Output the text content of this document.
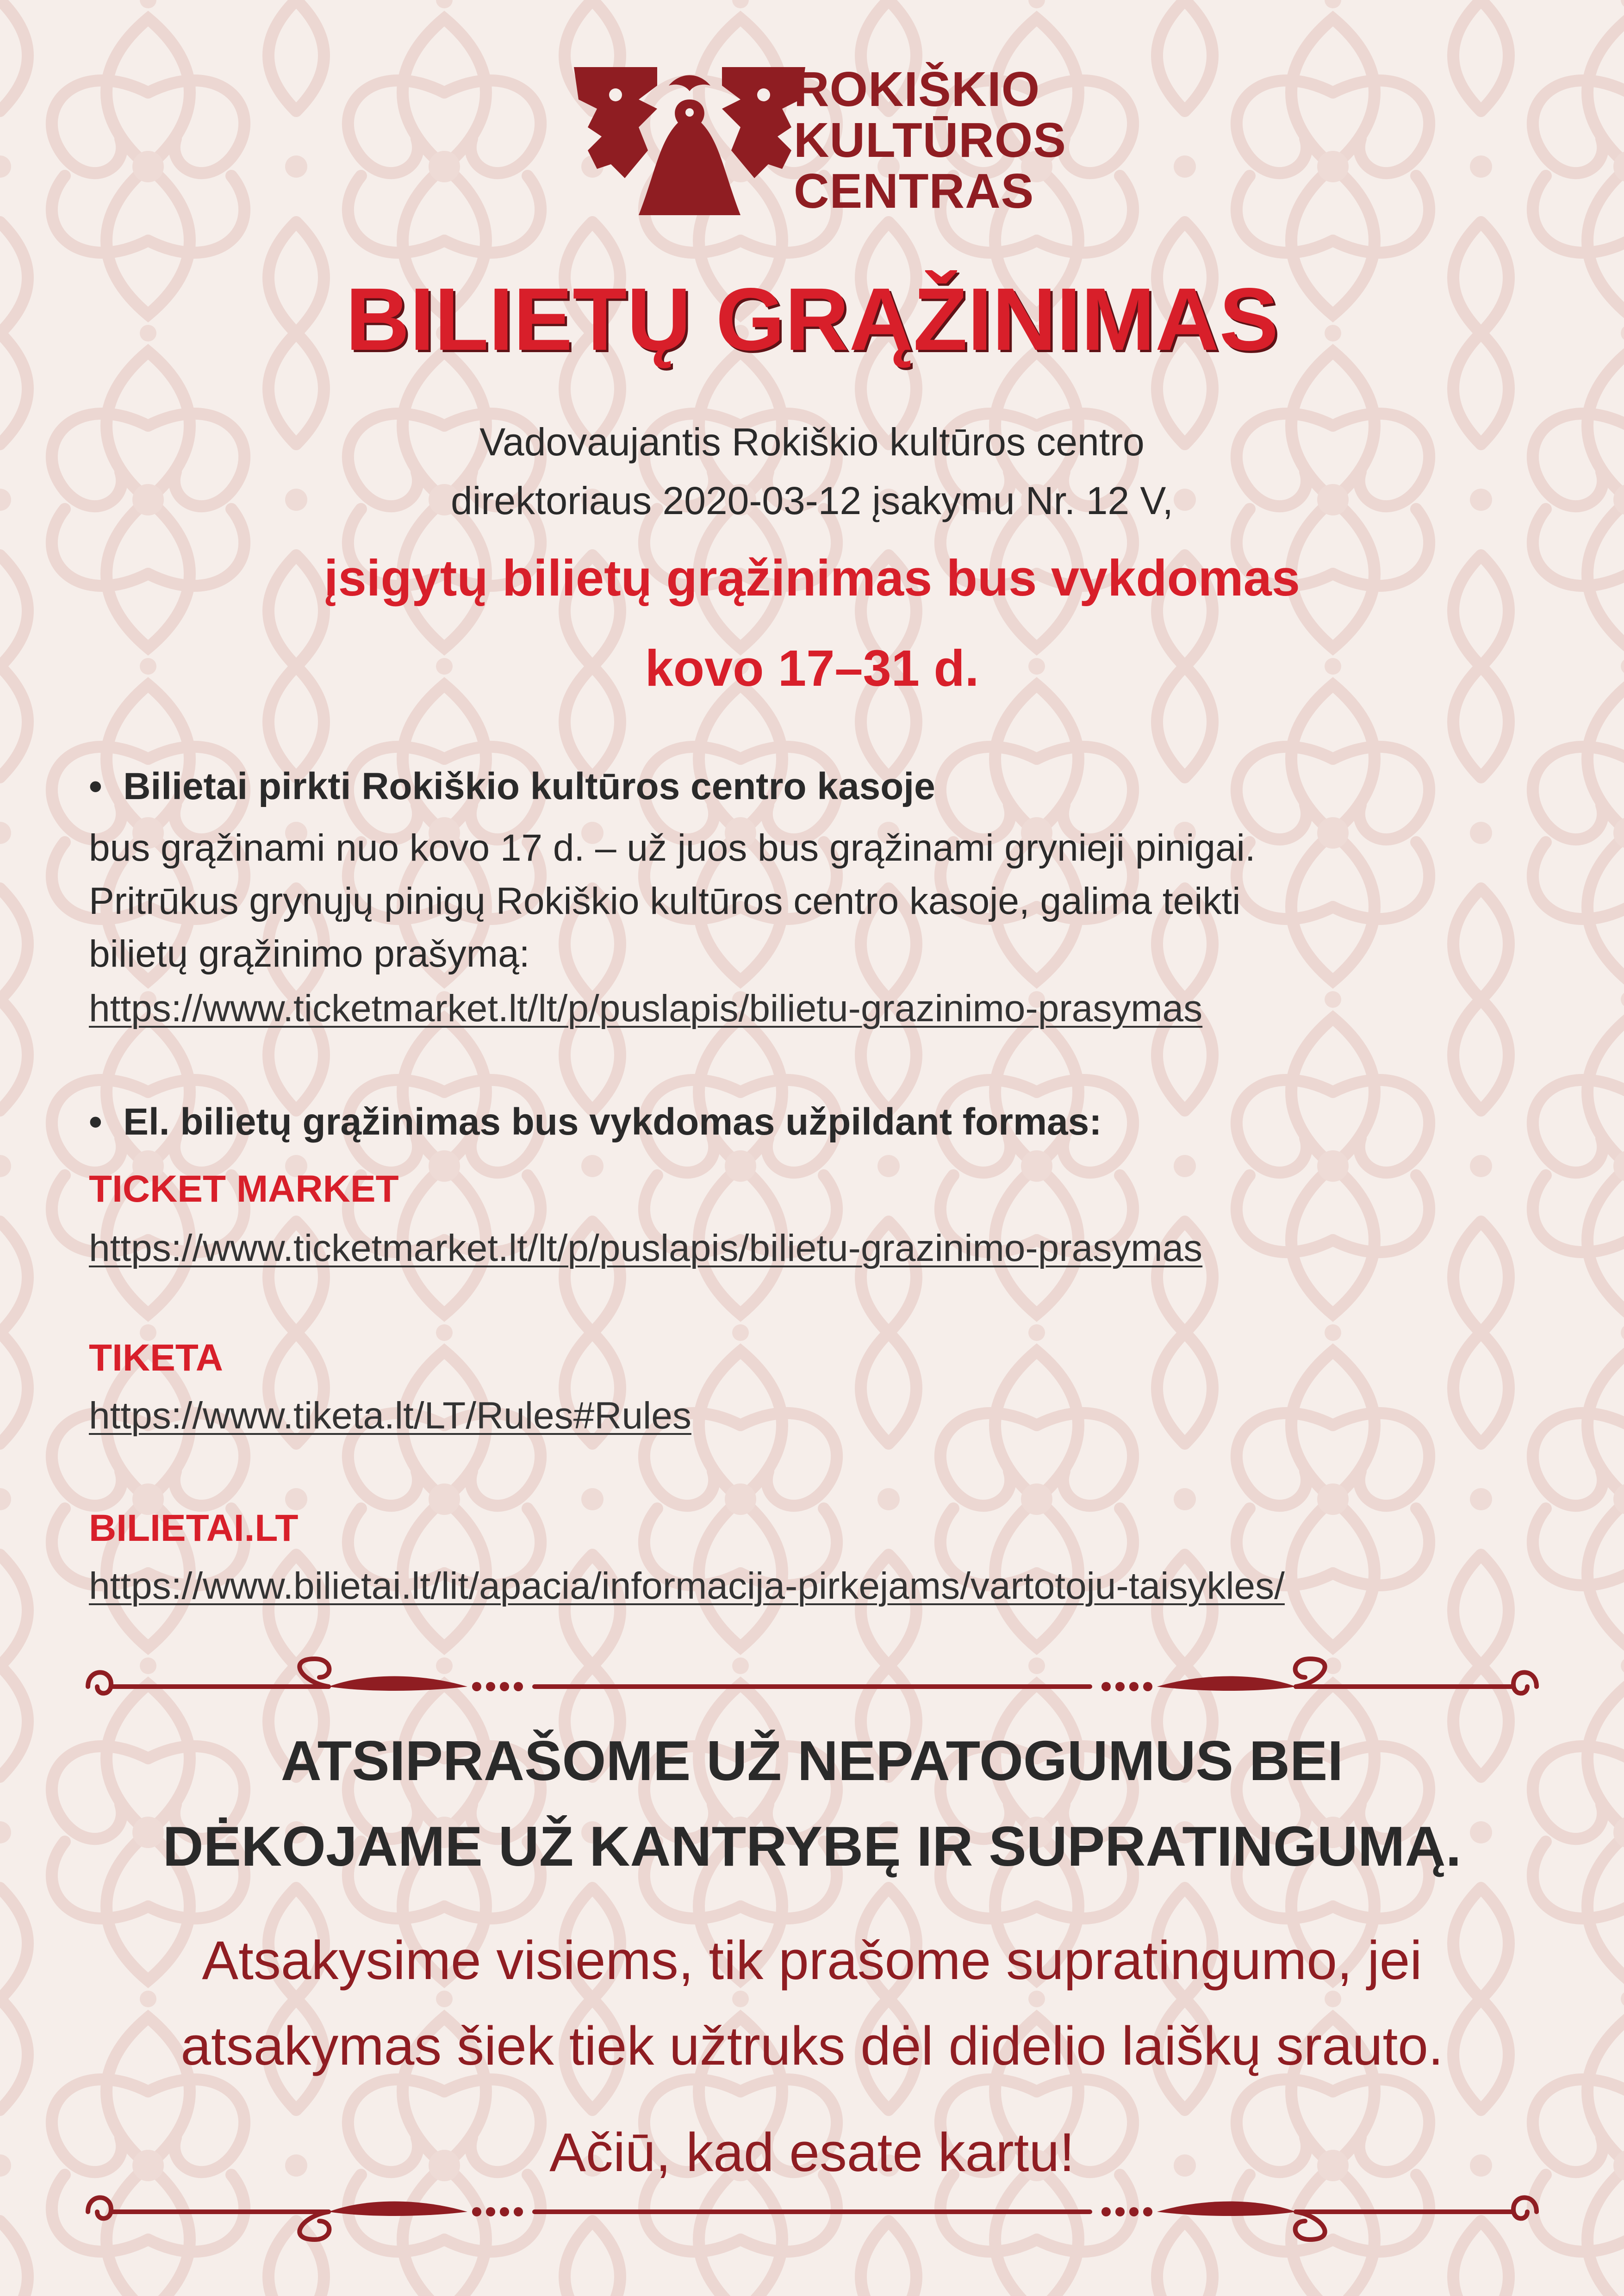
ROKIŠKIO
KULTŪROS
CENTRAS
BILIETŲ GRĄŽINIMAS
Vadovaujantis Rokiškio kultūros centro
direktoriaus 2020-03-12 įsakymu Nr. 12 V,
įsigytų bilietų grąžinimas bus vykdomas
kovo 17–31 d.
• Bilietai pirkti Rokiškio kultūros centro kasoje
bus grąžinami nuo kovo 17 d. – už juos bus grąžinami grynieji pinigai.
Pritrūkus grynųjų pinigų Rokiškio kultūros centro kasoje, galima teikti
bilietų grąžinimo prašymą:
https://www.ticketmarket.lt/lt/p/puslapis/bilietu-grazinimo-prasymas
• El. bilietų grąžinimas bus vykdomas užpildant formas:
TICKET MARKET
https://www.ticketmarket.lt/lt/p/puslapis/bilietu-grazinimo-prasymas
TIKETA
https://www.tiketa.lt/LT/Rules#Rules
BILIETAI.LT
https://www.bilietai.lt/lit/apacia/informacija-pirkejams/vartotoju-taisykles/
ATSIPRAŠOME UŽ NEPATOGUMUS BEI
DĖKOJAME UŽ KANTRYBĘ IR SUPRATINGUMĄ.
Atsakysime visiems, tik prašome supratingumo, jei
atsakymas šiek tiek užtruks dėl didelio laiškų srauto.
Ačiū, kad esate kartu!
